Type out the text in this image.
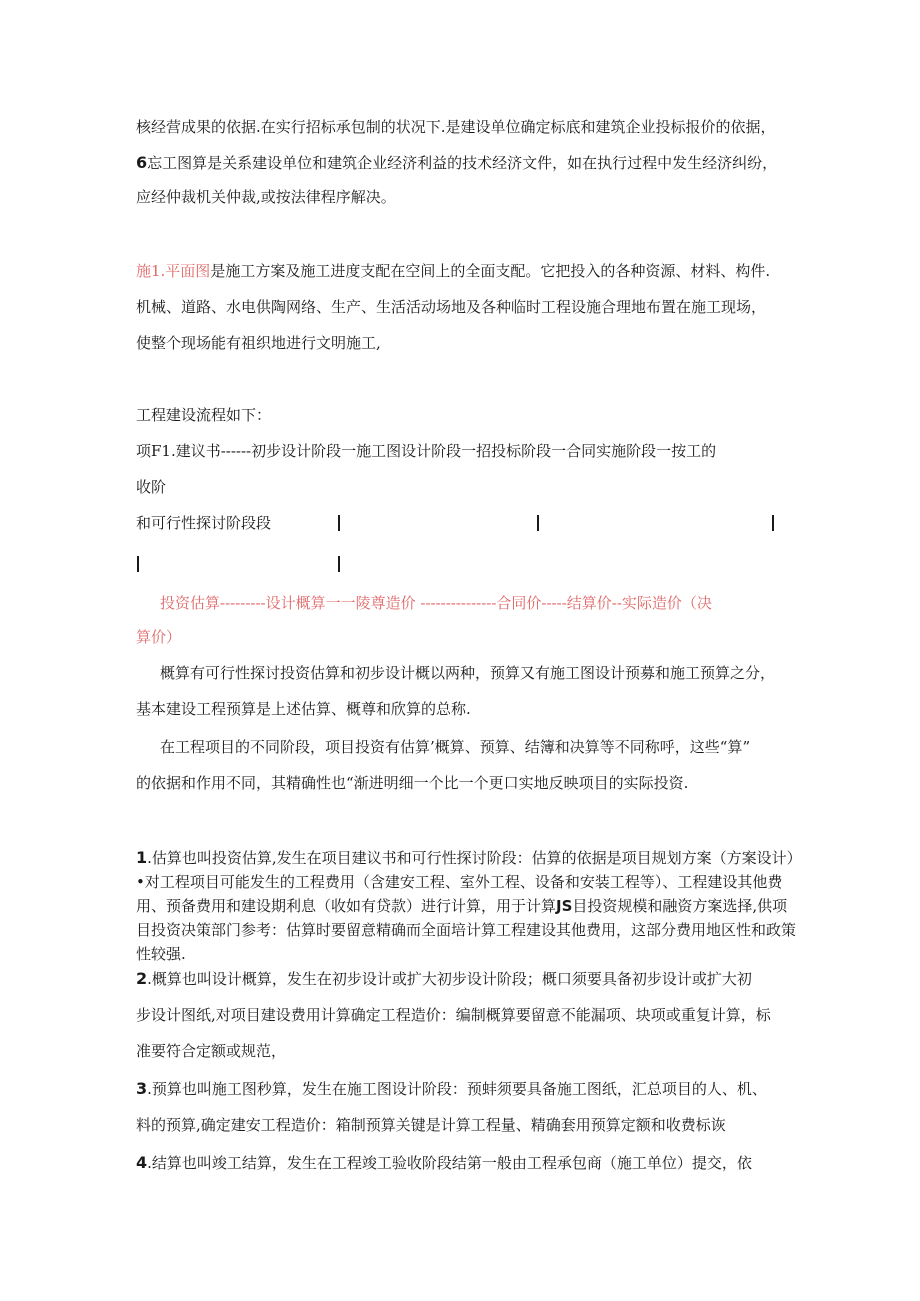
核经营成果的依据.在实行招标承包制的状况下.是建设单位确定标底和建筑企业投标报价的依据，
6忘工图算是关系建设单位和建筑企业经济利益的技术经济文件，如在执行过程中发生经济纠纷，
应经仲裁机关仲裁,或按法律程序解决。
施1.平面图是施工方案及施工进度支配在空间上的全面支配。它把投入的各种资源、材料、构件.
机械、道路、水电供陶网络、生产、生活活动场地及各种临时工程设施合理地布置在施工现场，
使整个现场能有祖织地进行文明施工,
工程建设流程如下：
项F1.建议书------初步设计阶段一施工图设计阶段一招投标阶段一合同实施阶段一按工的
收阶
和可行性探讨阶段段
投资估算---------设计概算一一陵尊造价 ---------------合同价-----结算价--实际造价（决
算价）
概算有可行性探讨投资估算和初步设计概以两种，预算又有施工图设计预募和施工预算之分，
基本建设工程预算是上述估算、概尊和欣算的总称.
在工程项目的不同阶段，项目投资有估算’概算、预算、结簿和决算等不同称呼，这些“算”
的依据和作用不同，其精确性也“渐进明细一个比一个更口实地反映项目的实际投资.
1.估算也叫投资估算,发生在项目建议书和可行性探讨阶段：估算的依据是项目规划方案（方案设计）•对工程项目可能发生的工程费用（含建安工程、室外工程、设备和安装工程等）、工程建设其他费用、预备费用和建设期利息（收如有贷款）进行计算，用于计算JS目投资规模和融资方案选择,供项目投资决策部门参考：估算时要留意精确而全面培计算工程建设其他费用，这部分费用地区性和政策性较强.
2.概算也叫设计概算，发生在初步设计或扩大初步设计阶段；概口须要具备初步设计或扩大初
步设计图纸,对项目建设费用计算确定工程造价：编制概算要留意不能漏项、块项或重复计算，标
准要符合定额或规范，
3.预算也叫施工图秒算，发生在施工图设计阶段：预蚌须要具备施工图纸，汇总项目的人、机、
料的预算,确定建安工程造价：箱制预算关键是计算工程量、精确套用预算定额和收费标诙
4.结算也叫竣工结算，发生在工程竣工验收阶段结第一般由工程承包商（施工单位）提交，依
